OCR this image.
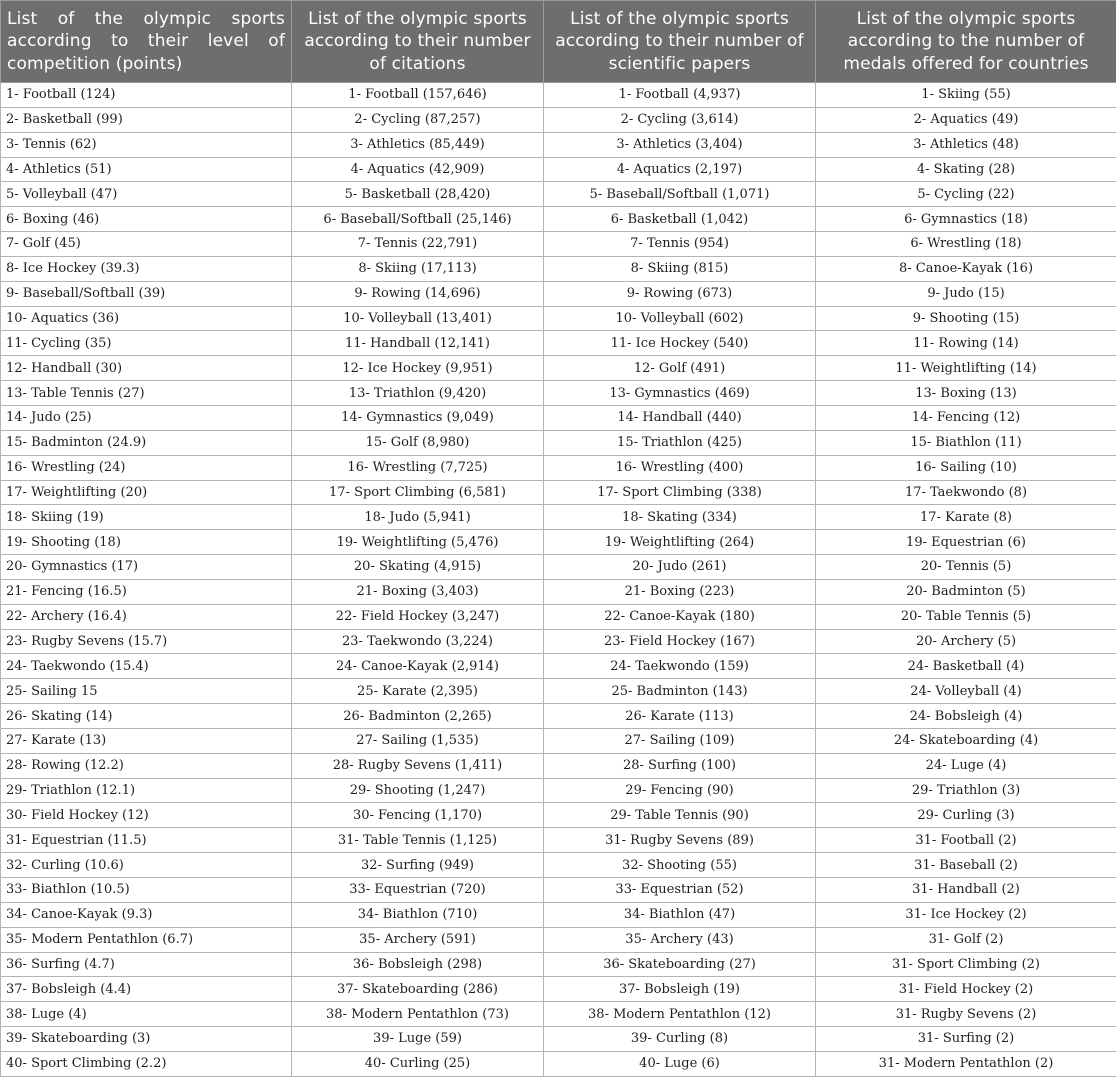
List of the olympic sports according to their level of competition (points)	List of the olympic sports according to their number of citations	List of the olympic sports according to their number of scientific papers	List of the olympic sports according to the number of medals offered for countries
1- Football (124)	1- Football (157,646)	1- Football (4,937)	1- Skiing (55)
2- Basketball (99)	2- Cycling (87,257)	2- Cycling (3,614)	2- Aquatics (49)
3- Tennis (62)	3- Athletics (85,449)	3- Athletics (3,404)	3- Athletics (48)
4- Athletics (51)	4- Aquatics (42,909)	4- Aquatics (2,197)	4- Skating (28)
5- Volleyball (47)	5- Basketball (28,420)	5- Baseball/Softball (1,071)	5- Cycling (22)
6- Boxing (46)	6- Baseball/Softball (25,146)	6- Basketball (1,042)	6- Gymnastics (18)
7- Golf (45)	7- Tennis (22,791)	7- Tennis (954)	6- Wrestling (18)
8- Ice Hockey (39.3)	8- Skiing (17,113)	8- Skiing (815)	8- Canoe-Kayak (16)
9- Baseball/Softball (39)	9- Rowing (14,696)	9- Rowing (673)	9- Judo (15)
10- Aquatics (36)	10- Volleyball (13,401)	10- Volleyball (602)	9- Shooting (15)
11- Cycling (35)	11- Handball (12,141)	11- Ice Hockey (540)	11- Rowing (14)
12- Handball (30)	12- Ice Hockey (9,951)	12- Golf (491)	11- Weightlifting (14)
13- Table Tennis (27)	13- Triathlon (9,420)	13- Gymnastics (469)	13- Boxing (13)
14- Judo (25)	14- Gymnastics (9,049)	14- Handball (440)	14- Fencing (12)
15- Badminton (24.9)	15- Golf (8,980)	15- Triathlon (425)	15- Biathlon (11)
16- Wrestling (24)	16- Wrestling (7,725)	16- Wrestling (400)	16- Sailing (10)
17- Weightlifting (20)	17- Sport Climbing (6,581)	17- Sport Climbing (338)	17- Taekwondo (8)
18- Skiing (19)	18- Judo (5,941)	18- Skating (334)	17- Karate (8)
19- Shooting (18)	19- Weightlifting (5,476)	19- Weightlifting (264)	19- Equestrian (6)
20- Gymnastics (17)	20- Skating (4,915)	20- Judo (261)	20- Tennis (5)
21- Fencing (16.5)	21- Boxing (3,403)	21- Boxing (223)	20- Badminton (5)
22- Archery (16.4)	22- Field Hockey (3,247)	22- Canoe-Kayak (180)	20- Table Tennis (5)
23- Rugby Sevens (15.7)	23- Taekwondo (3,224)	23- Field Hockey (167)	20- Archery (5)
24- Taekwondo (15.4)	24- Canoe-Kayak (2,914)	24- Taekwondo (159)	24- Basketball (4)
25- Sailing 15	25- Karate (2,395)	25- Badminton (143)	24- Volleyball (4)
26- Skating (14)	26- Badminton (2,265)	26- Karate (113)	24- Bobsleigh (4)
27- Karate (13)	27- Sailing (1,535)	27- Sailing (109)	24- Skateboarding (4)
28- Rowing (12.2)	28- Rugby Sevens (1,411)	28- Surfing (100)	24- Luge (4)
29- Triathlon (12.1)	29- Shooting (1,247)	29- Fencing (90)	29- Triathlon (3)
30- Field Hockey (12)	30- Fencing (1,170)	29- Table Tennis (90)	29- Curling (3)
31- Equestrian (11.5)	31- Table Tennis (1,125)	31- Rugby Sevens (89)	31- Football (2)
32- Curling (10.6)	32- Surfing (949)	32- Shooting (55)	31- Baseball (2)
33- Biathlon (10.5)	33- Equestrian (720)	33- Equestrian (52)	31- Handball (2)
34- Canoe-Kayak (9.3)	34- Biathlon (710)	34- Biathlon (47)	31- Ice Hockey (2)
35- Modern Pentathlon (6.7)	35- Archery (591)	35- Archery (43)	31- Golf (2)
36- Surfing (4.7)	36- Bobsleigh (298)	36- Skateboarding (27)	31- Sport Climbing (2)
37- Bobsleigh (4.4)	37- Skateboarding (286)	37- Bobsleigh (19)	31- Field Hockey (2)
38- Luge (4)	38- Modern Pentathlon (73)	38- Modern Pentathlon (12)	31- Rugby Sevens (2)
39- Skateboarding (3)	39- Luge (59)	39- Curling (8)	31- Surfing (2)
40- Sport Climbing (2.2)	40- Curling (25)	40- Luge (6)	31- Modern Pentathlon (2)
